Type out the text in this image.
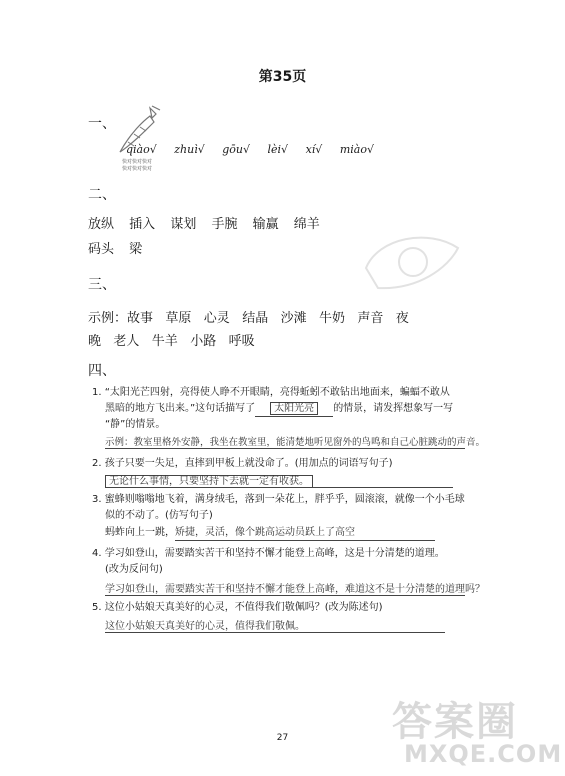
第35页
一、
qiào√ zhuì√ gōu√ lèi√ xí√ miào√
快对快对快对
快对快对快对
二、
放纵 插入 谋划 手腕 输赢 绵羊
码头 梁
三、
示例：故事   草原   心灵   结晶   沙滩   牛奶   声音   夜
晚   老人   牛羊   小路   呼吸
四、
1. “太阳光芒四射，亮得使人睁不开眼睛，亮得蚯蚓不敢钻出地面来，蝙蝠不敢从
黑暗的地方飞出来。”这句话描写了 太阳光亮 的情景，请发挥想象写一写
“静”的情景。
示例：教室里格外安静，我坐在教室里，能清楚地听见窗外的鸟鸣和自己心脏跳动的声音。
2. 孩子只要一失足，直摔到甲板上就没命了。(用加点的词语写句子)
无论什么事情，只要坚持下去就一定有收获。
3. 蜜蜂则嗡嗡地飞着，满身绒毛，落到一朵花上，胖乎乎，圆滚滚，就像一个小毛球
似的不动了。(仿写句子)
蚂蚱向上一跳，矫捷，灵活，像个跳高运动员跃上了高空
4. 学习如登山，需要踏实苦干和坚持不懈才能登上高峰，这是十分清楚的道理。
(改为反问句)
学习如登山，需要踏实苦干和坚持不懈才能登上高峰，难道这不是十分清楚的道理吗？
5. 这位小姑娘天真美好的心灵，不值得我们敬佩吗？(改为陈述句)
这位小姑娘天真美好的心灵，值得我们敬佩。
27	答案圈
MXQE.COM
